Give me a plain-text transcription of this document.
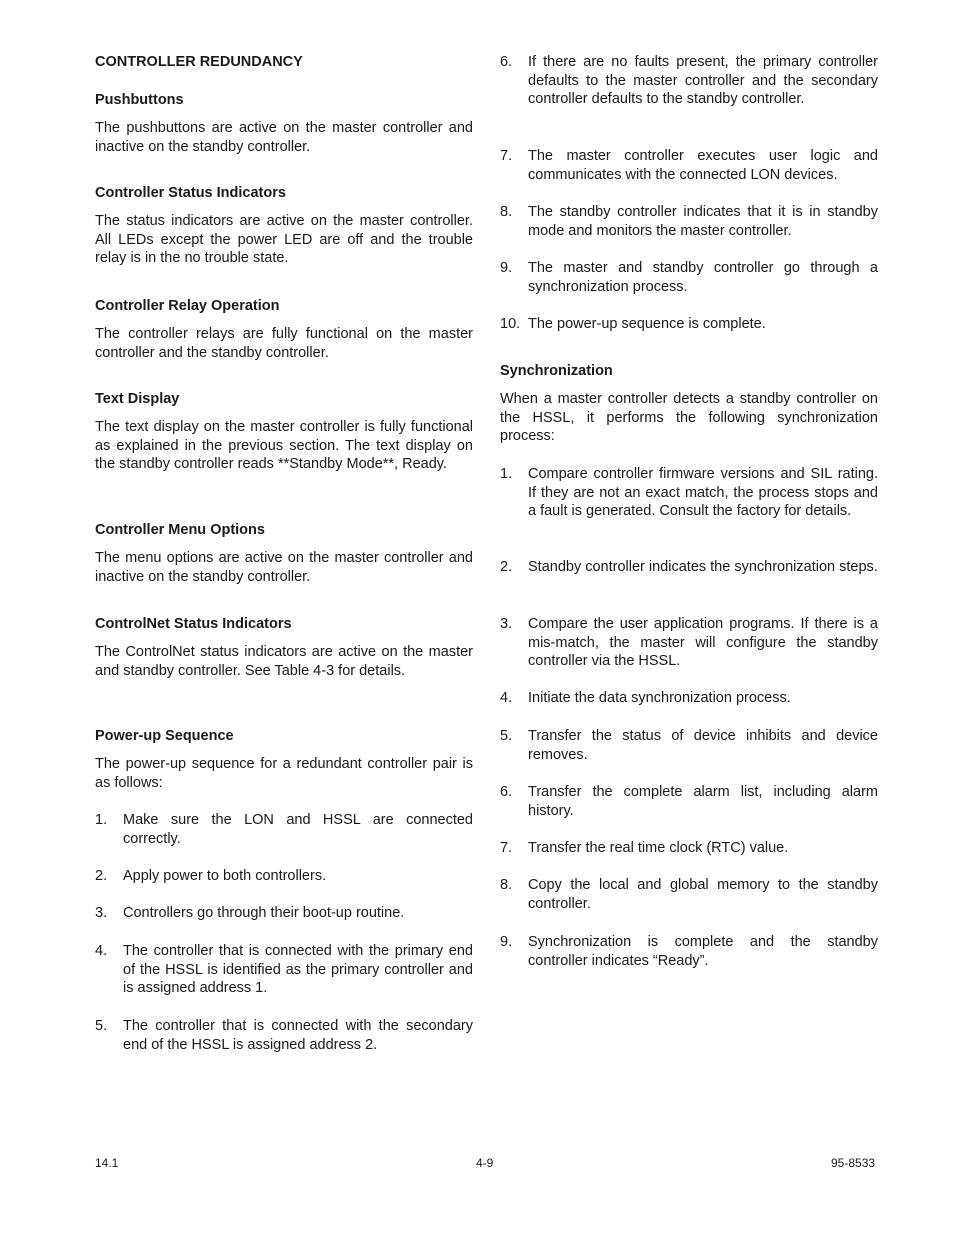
CONTROLLER REDUNDANCY
Pushbuttons
The pushbuttons are active on the master controller and inactive on the standby controller.
Controller Status Indicators
The status indicators are active on the master controller. All LEDs except the power LED are off and the trouble relay is in the no trouble state.
Controller Relay Operation
The controller relays are fully functional on the master controller and the standby controller.
Text Display
The text display on the master controller is fully functional as explained in the previous section. The text display on the standby controller reads **Standby Mode**, Ready.
Controller Menu Options
The menu options are active on the master controller and inactive on the standby controller.
ControlNet Status Indicators
The ControlNet status indicators are active on the master and standby controller. See Table 4-3 for details.
Power-up Sequence
The power-up sequence for a redundant controller pair is as follows:
1. Make sure the LON and HSSL are connected correctly.
2. Apply power to both controllers.
3. Controllers go through their boot-up routine.
4. The controller that is connected with the primary end of the HSSL is identified as the primary controller and is assigned address 1.
5. The controller that is connected with the secondary end of the HSSL is assigned address 2.
6. If there are no faults present, the primary controller defaults to the master controller and the secondary controller defaults to the standby controller.
7. The master controller executes user logic and communicates with the connected LON devices.
8. The standby controller indicates that it is in standby mode and monitors the master controller.
9. The master and standby controller go through a synchronization process.
10. The power-up sequence is complete.
Synchronization
When a master controller detects a standby controller on the HSSL, it performs the following synchronization process:
1. Compare controller firmware versions and SIL rating. If they are not an exact match, the process stops and a fault is generated. Consult the factory for details.
2. Standby controller indicates the synchronization steps.
3. Compare the user application programs. If there is a mis-match, the master will configure the standby controller via the HSSL.
4. Initiate the data synchronization process.
5. Transfer the status of device inhibits and device removes.
6. Transfer the complete alarm list, including alarm history.
7. Transfer the real time clock (RTC) value.
8. Copy the local and global memory to the standby controller.
9. Synchronization is complete and the standby controller indicates “Ready”.
14.1	4-9	95-8533
